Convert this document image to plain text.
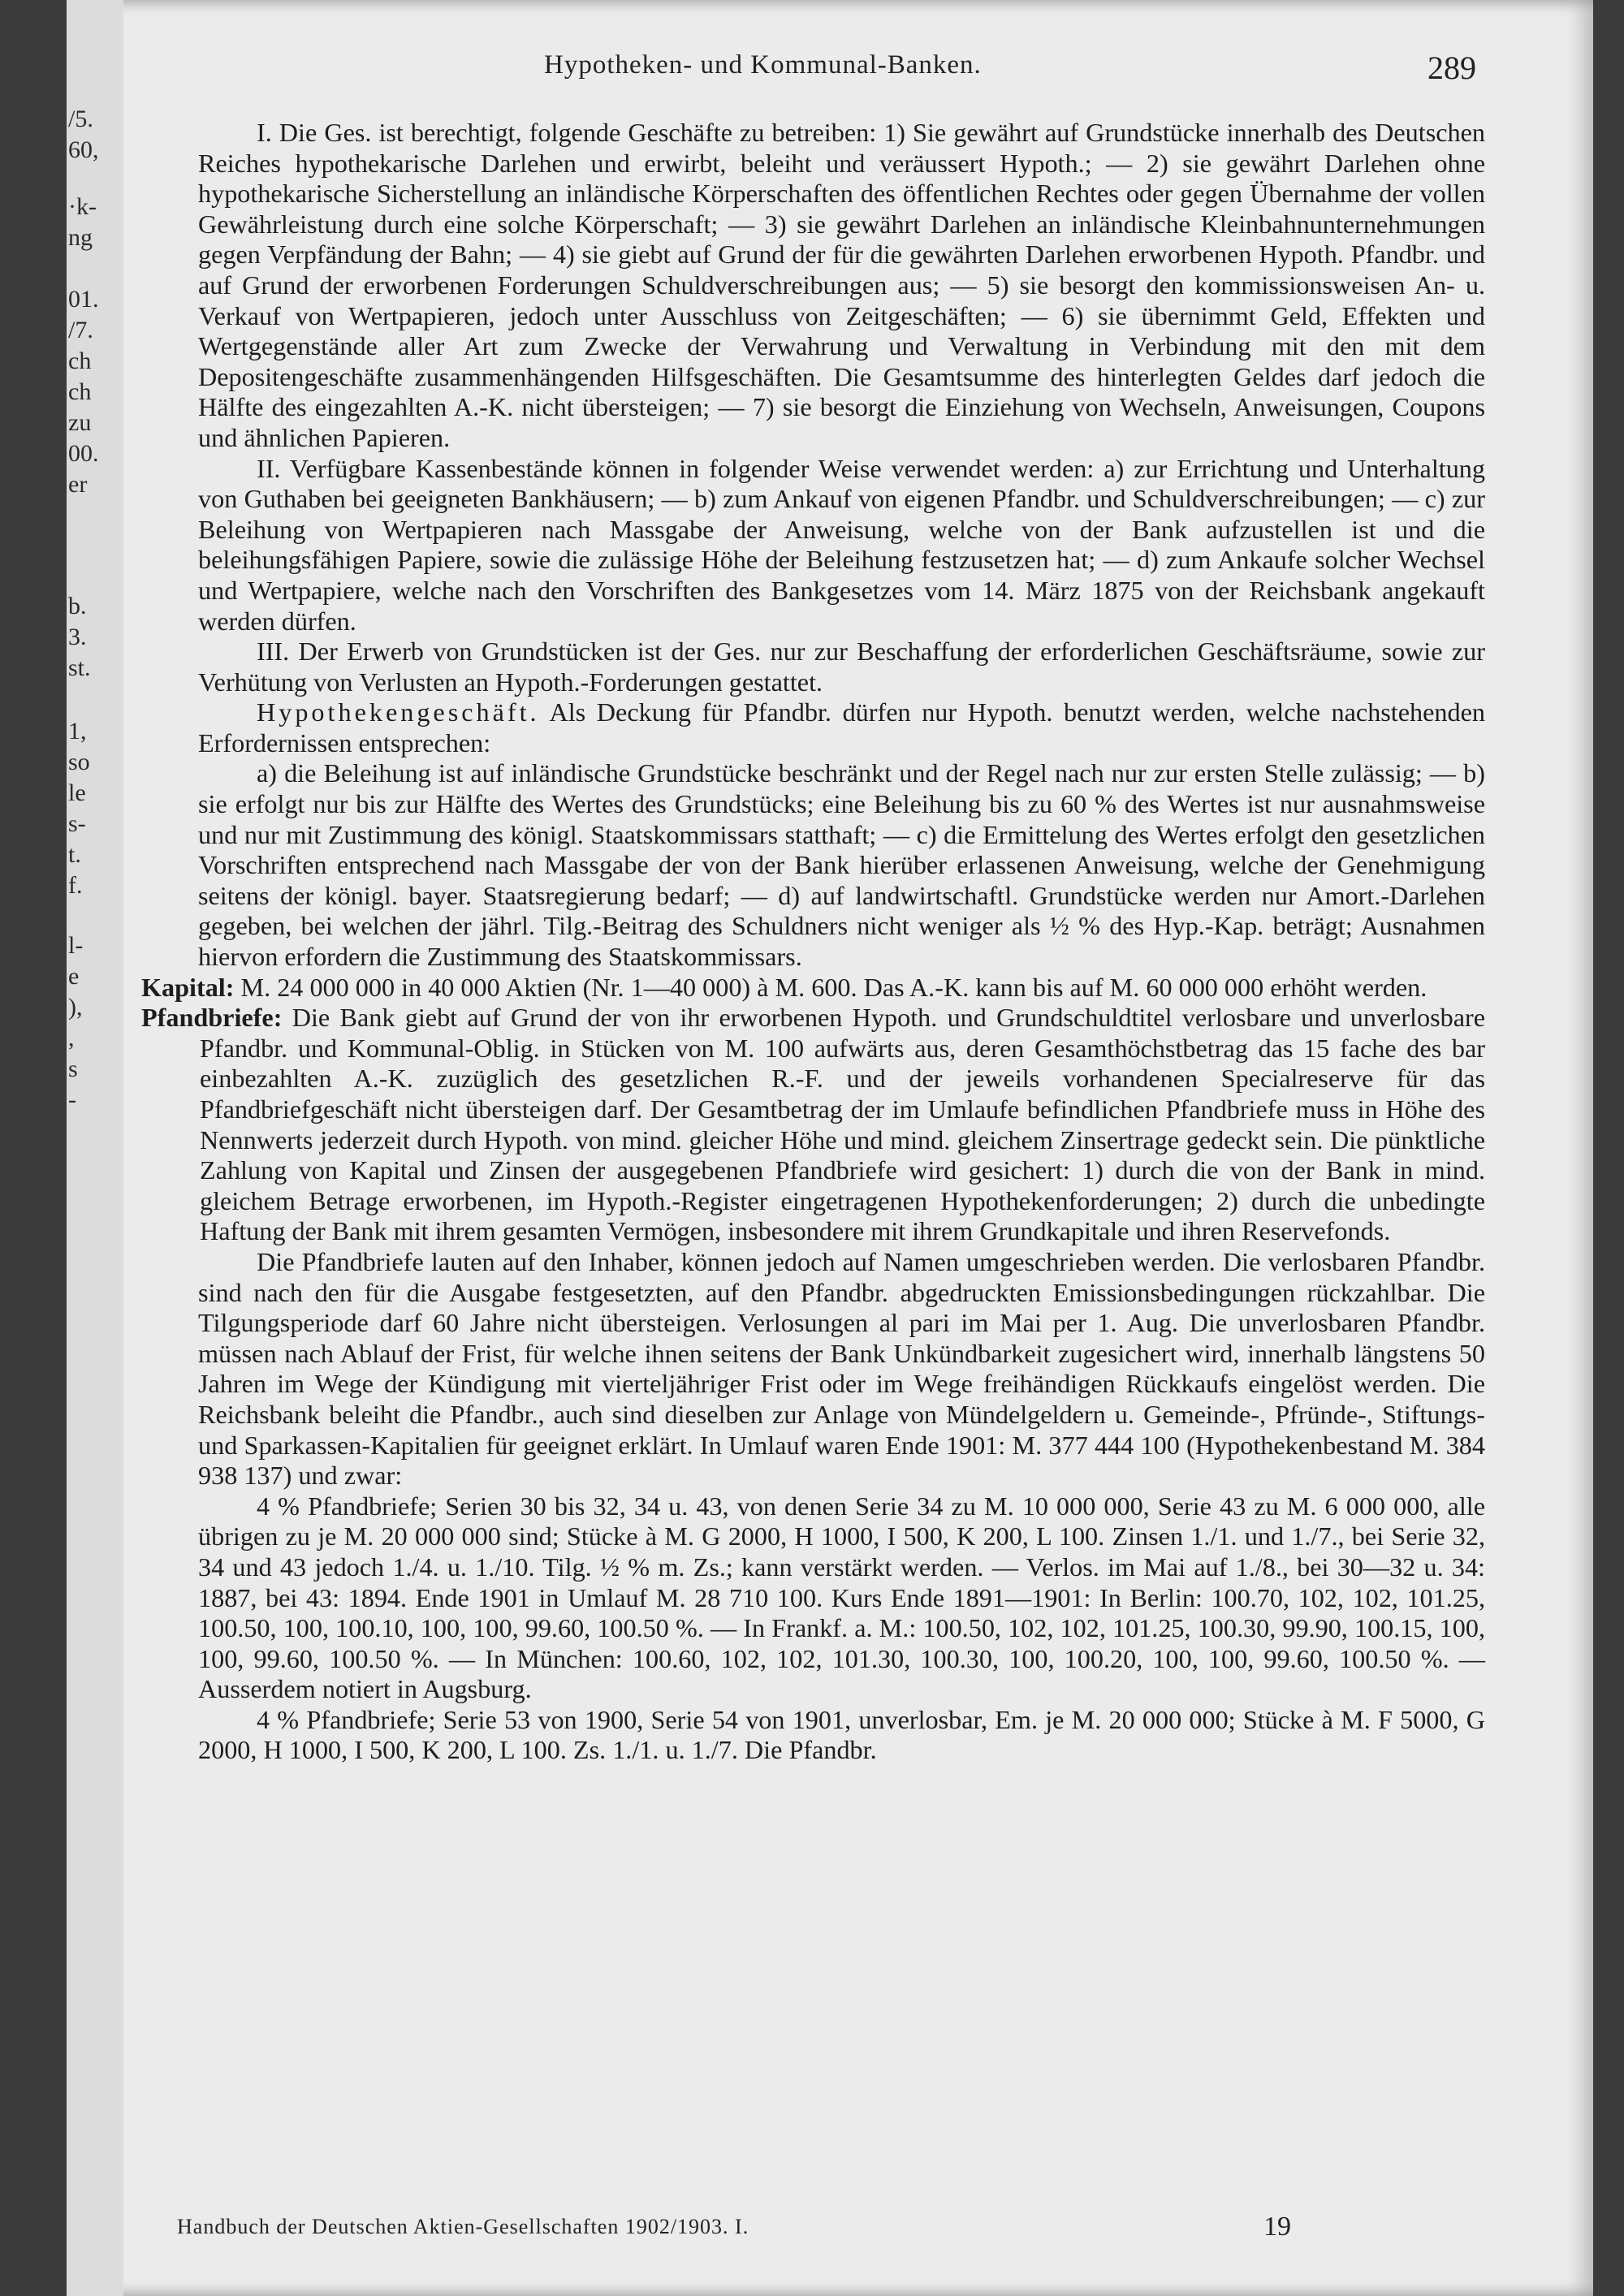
/5.
60,
·k-
ng
01.
/7.
ch
ch
zu
00.
er
b.
3.
st.
1,
so
le
s-
t.
f.
l-
e
),
,
s
-
Hypotheken- und Kommunal-Banken.	289

I. Die Ges. ist berechtigt, folgende Geschäfte zu betreiben: 1) Sie gewährt auf Grundstücke innerhalb des Deutschen Reiches hypothekarische Darlehen und erwirbt, beleiht und veräussert Hypoth.; — 2) sie gewährt Darlehen ohne hypothekarische Sicherstellung an inländische Körperschaften des öffentlichen Rechtes oder gegen Übernahme der vollen Gewährleistung durch eine solche Körperschaft; — 3) sie gewährt Darlehen an inländische Kleinbahnunternehmungen gegen Verpfändung der Bahn; — 4) sie giebt auf Grund der für die gewährten Darlehen erworbenen Hypoth. Pfandbr. und auf Grund der erworbenen Forderungen Schuldverschreibungen aus; — 5) sie besorgt den kommissionsweisen An- u. Verkauf von Wertpapieren, jedoch unter Ausschluss von Zeitgeschäften; — 6) sie übernimmt Geld, Effekten und Wertgegenstände aller Art zum Zwecke der Verwahrung und Verwaltung in Verbindung mit den mit dem Depositengeschäfte zusammenhängenden Hilfsgeschäften. Die Gesamtsumme des hinterlegten Geldes darf jedoch die Hälfte des eingezahlten A.-K. nicht übersteigen; — 7) sie besorgt die Einziehung von Wechseln, Anweisungen, Coupons und ähnlichen Papieren.

II. Verfügbare Kassenbestände können in folgender Weise verwendet werden: a) zur Errichtung und Unterhaltung von Guthaben bei geeigneten Bankhäusern; — b) zum Ankauf von eigenen Pfandbr. und Schuldverschreibungen; — c) zur Beleihung von Wertpapieren nach Massgabe der Anweisung, welche von der Bank aufzustellen ist und die beleihungsfähigen Papiere, sowie die zulässige Höhe der Beleihung festzusetzen hat; — d) zum Ankaufe solcher Wechsel und Wertpapiere, welche nach den Vorschriften des Bankgesetzes vom 14. März 1875 von der Reichsbank angekauft werden dürfen.

III. Der Erwerb von Grundstücken ist der Ges. nur zur Beschaffung der erforderlichen Geschäftsräume, sowie zur Verhütung von Verlusten an Hypoth.-Forderungen gestattet.

Hypothekengeschäft. Als Deckung für Pfandbr. dürfen nur Hypoth. benutzt werden, welche nachstehenden Erfordernissen entsprechen:

a) die Beleihung ist auf inländische Grundstücke beschränkt und der Regel nach nur zur ersten Stelle zulässig; — b) sie erfolgt nur bis zur Hälfte des Wertes des Grundstücks; eine Beleihung bis zu 60 % des Wertes ist nur ausnahmsweise und nur mit Zustimmung des königl. Staatskommissars statthaft; — c) die Ermittelung des Wertes erfolgt den gesetzlichen Vorschriften entsprechend nach Massgabe der von der Bank hierüber erlassenen Anweisung, welche der Genehmigung seitens der königl. bayer. Staatsregierung bedarf; — d) auf landwirtschaftl. Grundstücke werden nur Amort.-Darlehen gegeben, bei welchen der jährl. Tilg.-Beitrag des Schuldners nicht weniger als ½ % des Hyp.-Kap. beträgt; Ausnahmen hiervon erfordern die Zustimmung des Staatskommissars.

Kapital: M. 24 000 000 in 40 000 Aktien (Nr. 1—40 000) à M. 600. Das A.-K. kann bis auf M. 60 000 000 erhöht werden.

Pfandbriefe: Die Bank giebt auf Grund der von ihr erworbenen Hypoth. und Grundschuldtitel verlosbare und unverlosbare Pfandbr. und Kommunal-Oblig. in Stücken von M. 100 aufwärts aus, deren Gesamthöchstbetrag das 15 fache des bar einbezahlten A.-K. zuzüglich des gesetzlichen R.-F. und der jeweils vorhandenen Specialreserve für das Pfandbriefgeschäft nicht übersteigen darf. Der Gesamtbetrag der im Umlaufe befindlichen Pfandbriefe muss in Höhe des Nennwerts jederzeit durch Hypoth. von mind. gleicher Höhe und mind. gleichem Zinsertrage gedeckt sein. Die pünktliche Zahlung von Kapital und Zinsen der ausgegebenen Pfandbriefe wird gesichert: 1) durch die von der Bank in mind. gleichem Betrage erworbenen, im Hypoth.-Register eingetragenen Hypothekenforderungen; 2) durch die unbedingte Haftung der Bank mit ihrem gesamten Vermögen, insbesondere mit ihrem Grundkapitale und ihren Reservefonds.

Die Pfandbriefe lauten auf den Inhaber, können jedoch auf Namen umgeschrieben werden. Die verlosbaren Pfandbr. sind nach den für die Ausgabe festgesetzten, auf den Pfandbr. abgedruckten Emissionsbedingungen rückzahlbar. Die Tilgungsperiode darf 60 Jahre nicht übersteigen. Verlosungen al pari im Mai per 1. Aug. Die unverlosbaren Pfandbr. müssen nach Ablauf der Frist, für welche ihnen seitens der Bank Unkündbarkeit zugesichert wird, innerhalb längstens 50 Jahren im Wege der Kündigung mit vierteljähriger Frist oder im Wege freihändigen Rückkaufs eingelöst werden. Die Reichsbank beleiht die Pfandbr., auch sind dieselben zur Anlage von Mündelgeldern u. Gemeinde-, Pfründe-, Stiftungs- und Sparkassen-Kapitalien für geeignet erklärt. In Umlauf waren Ende 1901: M. 377 444 100 (Hypothekenbestand M. 384 938 137) und zwar:

4 % Pfandbriefe; Serien 30 bis 32, 34 u. 43, von denen Serie 34 zu M. 10 000 000, Serie 43 zu M. 6 000 000, alle übrigen zu je M. 20 000 000 sind; Stücke à M. G 2000, H 1000, I 500, K 200, L 100. Zinsen 1./1. und 1./7., bei Serie 32, 34 und 43 jedoch 1./4. u. 1./10. Tilg. ½ % m. Zs.; kann verstärkt werden. — Verlos. im Mai auf 1./8., bei 30—32 u. 34: 1887, bei 43: 1894. Ende 1901 in Umlauf M. 28 710 100. Kurs Ende 1891—1901: In Berlin: 100.70, 102, 102, 101.25, 100.50, 100, 100.10, 100, 100, 99.60, 100.50 %. — In Frankf. a. M.: 100.50, 102, 102, 101.25, 100.30, 99.90, 100.15, 100, 100, 99.60, 100.50 %. — In München: 100.60, 102, 102, 101.30, 100.30, 100, 100.20, 100, 100, 99.60, 100.50 %. — Ausserdem notiert in Augsburg.

4 % Pfandbriefe; Serie 53 von 1900, Serie 54 von 1901, unverlosbar, Em. je M. 20 000 000; Stücke à M. F 5000, G 2000, H 1000, I 500, K 200, L 100. Zs. 1./1. u. 1./7. Die Pfandbr.

Handbuch der Deutschen Aktien-Gesellschaften 1902/1903. I.	19
